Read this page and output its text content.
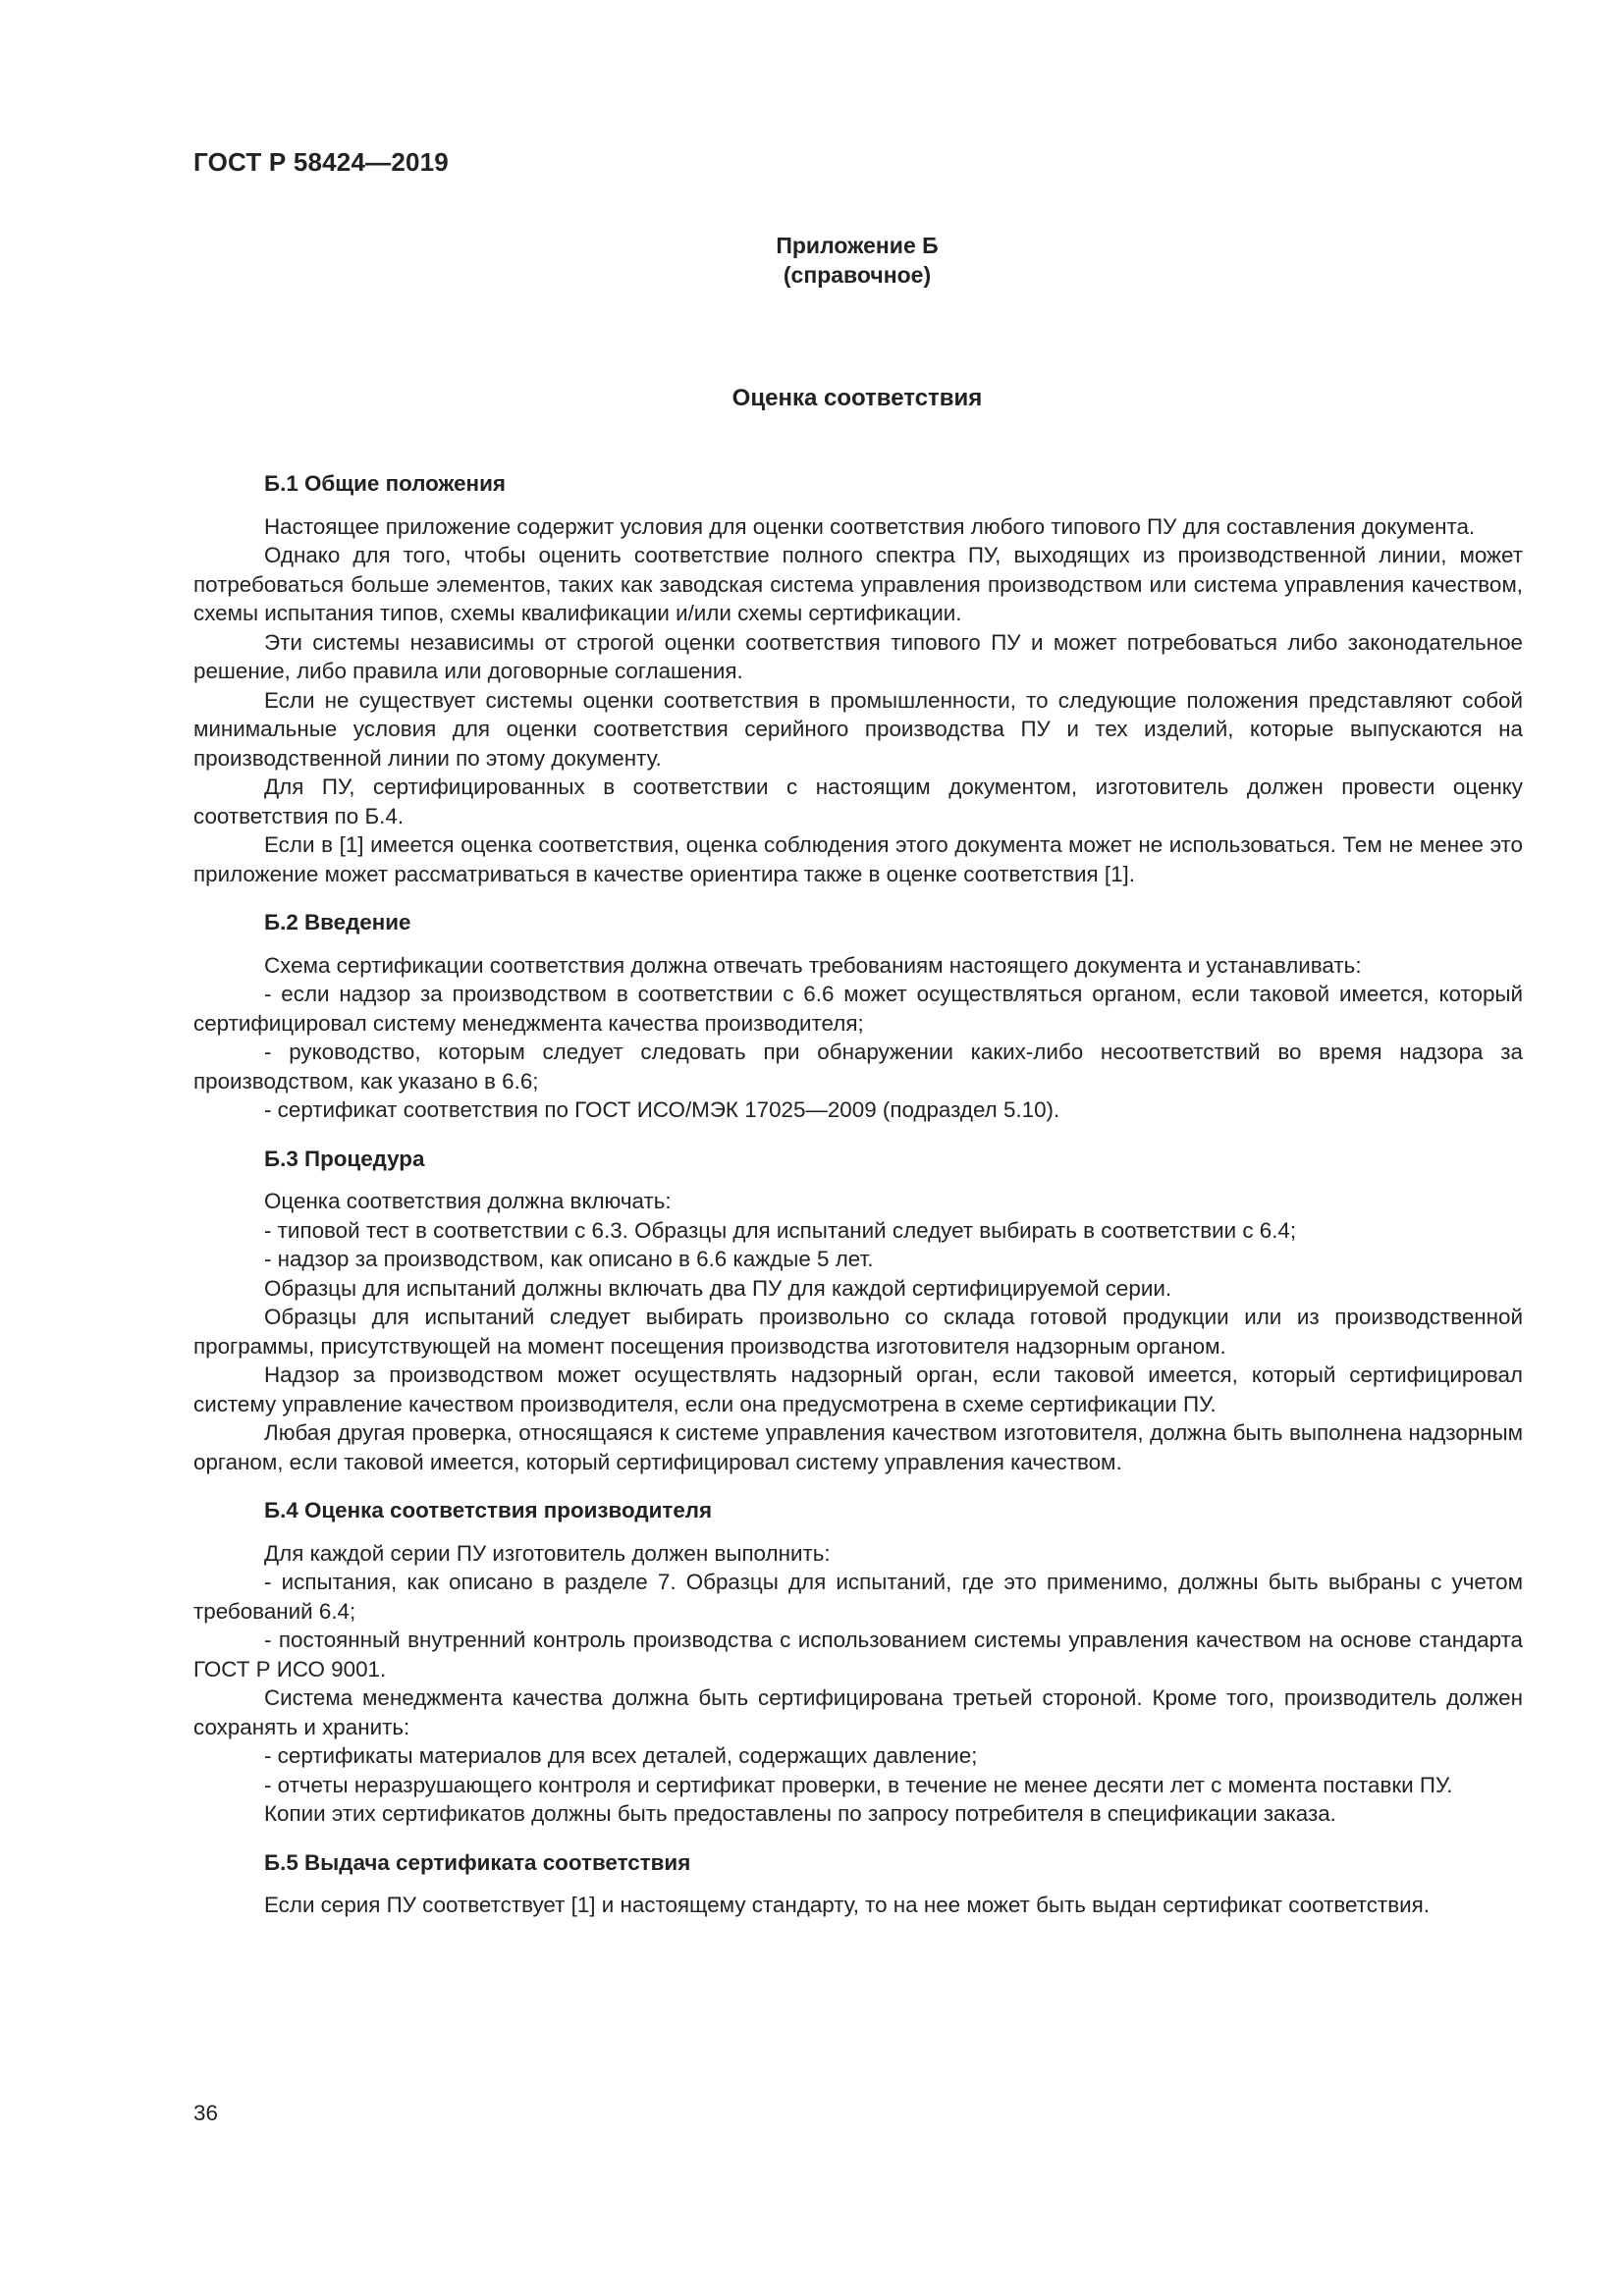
ГОСТ Р 58424—2019
Приложение Б
(справочное)
Оценка соответствия
Б.1 Общие положения

Настоящее приложение содержит условия для оценки соответствия любого типового ПУ для составления документа.

Однако для того, чтобы оценить соответствие полного спектра ПУ, выходящих из производственной линии, может потребоваться больше элементов, таких как заводская система управления производством или система управления качеством, схемы испытания типов, схемы квалификации и/или схемы сертификации.

Эти системы независимы от строгой оценки соответствия типового ПУ и может потребоваться либо законодательное решение, либо правила или договорные соглашения.

Если не существует системы оценки соответствия в промышленности, то следующие положения представляют собой минимальные условия для оценки соответствия серийного производства ПУ и тех изделий, которые выпускаются на производственной линии по этому документу.

Для ПУ, сертифицированных в соответствии с настоящим документом, изготовитель должен провести оценку соответствия по Б.4.

Если в [1] имеется оценка соответствия, оценка соблюдения этого документа может не использоваться. Тем не менее это приложение может рассматриваться в качестве ориентира также в оценке соответствия [1].

Б.2 Введение

Схема сертификации соответствия должна отвечать требованиям настоящего документа и устанавливать:

- если надзор за производством в соответствии с 6.6 может осуществляться органом, если таковой имеется, который сертифицировал систему менеджмента качества производителя;

- руководство, которым следует следовать при обнаружении каких-либо несоответствий во время надзора за производством, как указано в 6.6;

- сертификат соответствия по ГОСТ ИСО/МЭК 17025—2009 (подраздел 5.10).

Б.3 Процедура

Оценка соответствия должна включать:

- типовой тест в соответствии с 6.3. Образцы для испытаний следует выбирать в соответствии с 6.4;

- надзор за производством, как описано в 6.6 каждые 5 лет.

Образцы для испытаний должны включать два ПУ для каждой сертифицируемой серии.

Образцы для испытаний следует выбирать произвольно со склада готовой продукции или из производственной программы, присутствующей на момент посещения производства изготовителя надзорным органом.

Надзор за производством может осуществлять надзорный орган, если таковой имеется, который сертифицировал систему управление качеством производителя, если она предусмотрена в схеме сертификации ПУ.

Любая другая проверка, относящаяся к системе управления качеством изготовителя, должна быть выполнена надзорным органом, если таковой имеется, который сертифицировал систему управления качеством.

Б.4 Оценка соответствия производителя

Для каждой серии ПУ изготовитель должен выполнить:

- испытания, как описано в разделе 7. Образцы для испытаний, где это применимо, должны быть выбраны с учетом требований 6.4;

- постоянный внутренний контроль производства с использованием системы управления качеством на основе стандарта ГОСТ Р ИСО 9001.

Система менеджмента качества должна быть сертифицирована третьей стороной. Кроме того, производитель должен сохранять и хранить:

- сертификаты материалов для всех деталей, содержащих давление;

- отчеты неразрушающего контроля и сертификат проверки, в течение не менее десяти лет с момента поставки ПУ.

Копии этих сертификатов должны быть предоставлены по запросу потребителя в спецификации заказа.

Б.5 Выдача сертификата соответствия

Если серия ПУ соответствует [1] и настоящему стандарту, то на нее может быть выдан сертификат соответствия.

36
